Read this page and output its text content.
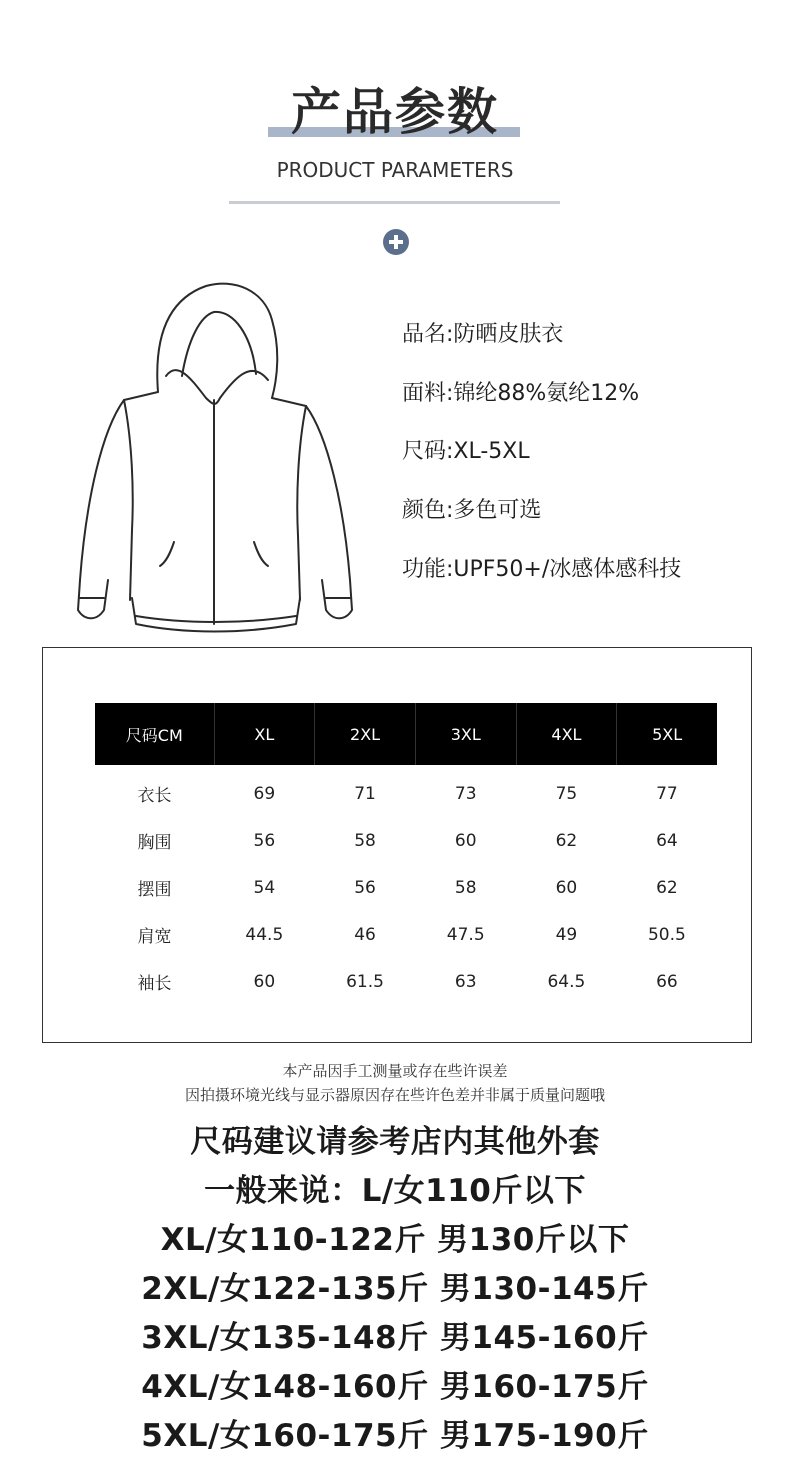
产品参数
PRODUCT PARAMETERS
品名:防晒皮肤衣
面料:锦纶88%氨纶12%
尺码:XL-5XL
颜色:多色可选
功能:UPF50+/冰感体感科技
尺码CM	XL	2XL	3XL	4XL	5XL
衣长	69	71	73	75	77
胸围	56	58	60	62	64
摆围	54	56	58	60	62
肩宽	44.5	46	47.5	49	50.5
袖长	60	61.5	63	64.5	66
本产品因手工测量或存在些许误差
因拍摄环境光线与显示器原因存在些许色差并非属于质量问题哦
尺码建议请参考店内其他外套
一般来说：L/女110斤以下
XL/女110-122斤 男130斤以下
2XL/女122-135斤 男130-145斤
3XL/女135-148斤 男145-160斤
4XL/女148-160斤 男160-175斤
5XL/女160-175斤 男175-190斤
